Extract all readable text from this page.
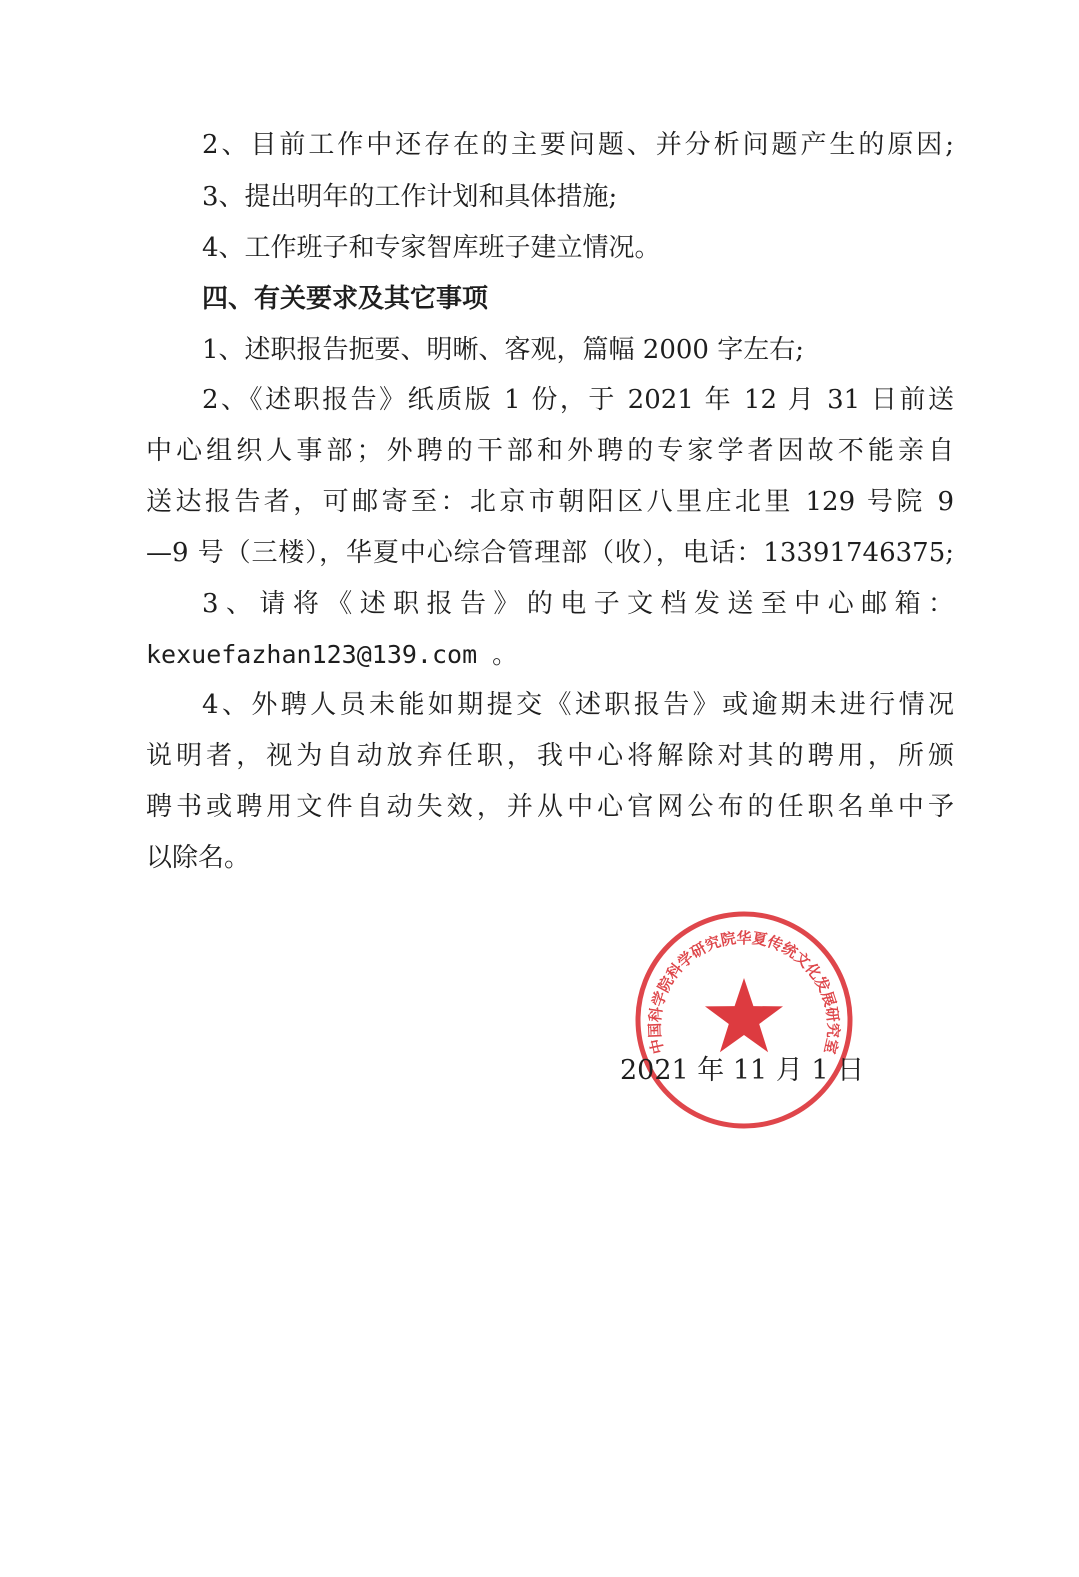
2、目前工作中还存在的主要问题、并分析问题产生的原因;
3、提出明年的工作计划和具体措施;
4、工作班子和专家智库班子建立情况。
四、有关要求及其它事项
1、述职报告扼要、明晰、客观，篇幅 2000 字左右;
2、《述职报告》纸质版 1 份，于 2021 年 12 月 31 日前送
中心组织人事部；外聘的干部和外聘的专家学者因故不能亲自
送达报告者，可邮寄至：北京市朝阳区八里庄北里 129 号院 9
—9 号（三楼），华夏中心综合管理部（收），电话：13391746375;
3、请将《述职报告》的电子文档发送至中心邮箱：
kexuefazhan123@139.com 。
4、外聘人员未能如期提交《述职报告》或逾期未进行情况
说明者，视为自动放弃任职，我中心将解除对其的聘用，所颁
聘书或聘用文件自动失效，并从中心官网公布的任职名单中予
以除名。
中国科学院科学研究院华夏传统文化发展研究室
2021 年 11 月 1 日
